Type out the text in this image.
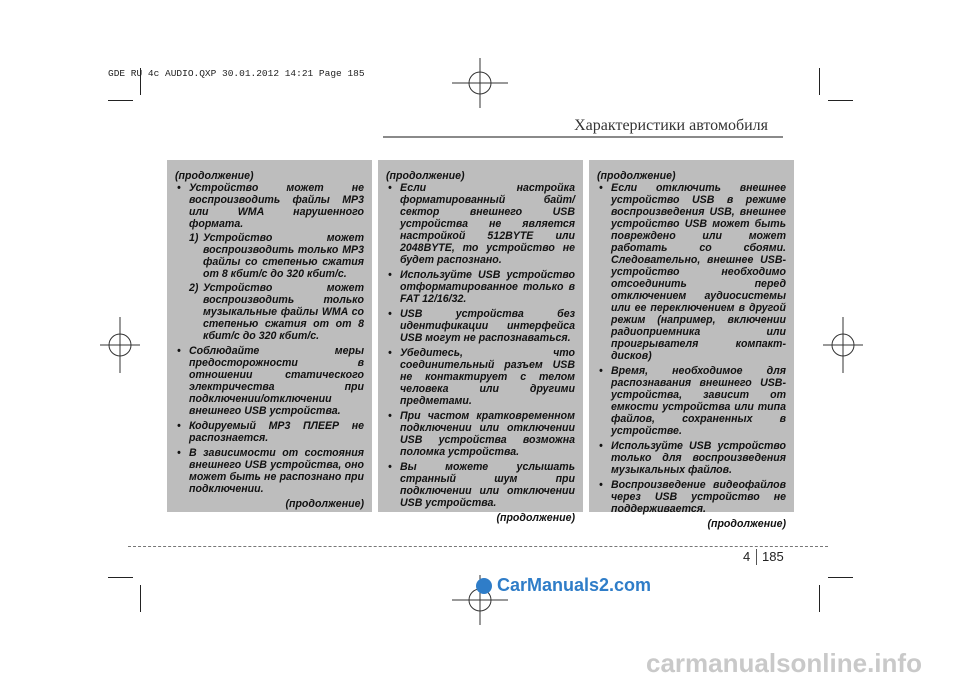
GDE RU 4c AUDIO.QXP 30.01.2012 14:21 Page 185
Характеристики автомобиля

(продолжение)

• Устройство может не воспроизводить файлы MP3 или WMA нарушенного формата.
1) Устройство может воспроизводить только MP3 файлы со степенью сжатия от 8 кбит/с до 320 кбит/с.
2) Устройство может воспроизводить только музыкальные файлы WMA со степенью сжатия от от 8 кбит/с до 320 кбит/с.
• Соблюдайте меры предосторожности в отношении статического электричества при подключении/отключении внешнего USB устройства.
• Кодируемый MP3 ПЛЕЕР не распознается.
• В зависимости от состояния внешнего USB устройства, оно может быть не распознано при подключении.

(продолжение)

(продолжение)

• Если настройка форматированный байт/сектор внешнего USB устройства не является настройкой 512BYTE или 2048BYTE, то устройство не будет распознано.
• Используйте USB устройство отформатированное только в FAT 12/16/32.
• USB устройства без идентификации интерфейса USB могут не распознаваться.
• Убедитесь, что соединительный разъем USB не контактирует с телом человека или другими предметами.
• При частом кратковременном подключении или отключении USB устройства возможна поломка устройства.
• Вы можете услышать странный шум при подключении или отключении USB устройства.

(продолжение)

(продолжение)

• Если отключить внешнее устройство USB в режиме воспроизведения USB, внешнее устройство USB может быть повреждено или может работать со сбоями. Следовательно, внешнее USB-устройство необходимо отсоединить перед отключением аудиосистемы или ее переключением в другой режим (например, включении радиоприемника или проигрывателя компакт-дисков)
• Время, необходимое для распознавания внешнего USB-устройства, зависит от емкости устройства или типа файлов, сохраненных в устройстве.
• Используйте USB устройство только для воспроизведения музыкальных файлов.
• Воспроизведение видеофайлов через USB устройство не поддерживается.

(продолжение)

4 185
CarManuals2.com
carmanualsonline.info
